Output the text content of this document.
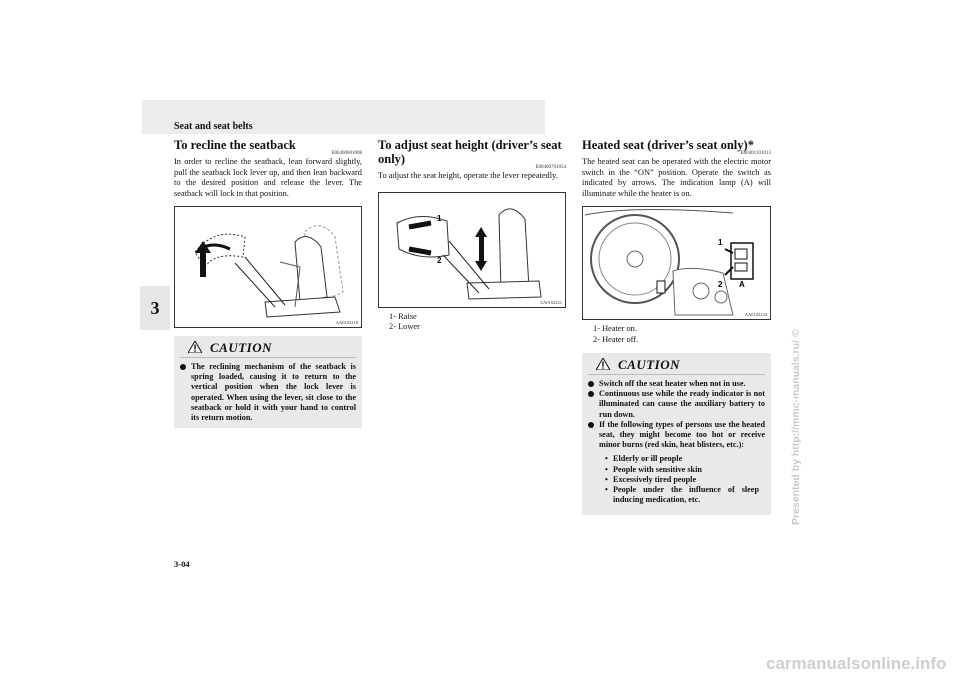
Seat and seat belts
3
To recline the seatback
E00400601008

In order to recline the seatback, lean forward slightly, pull the seatback lock lever up, and then lean backward to the desired position and release the lever. The seatback will lock in that position.

AA0102218
CAUTION
The reclining mechanism of the seatback is spring loaded, causing it to return to the vertical position when the lock lever is operated. When using the lever, sit close to the seatback or hold it with your hand to control its return motion.
To adjust seat height (driver’s seat only)
E00400701054

To adjust the seat height, operate the lever repeatedly.

1
2
AA0102221
1- Raise
2- Lower
Heated seat (driver’s seat only)*
E00401101013

The heated seat can be operated with the electric motor switch in the “ON” position. Operate the switch as indicated by arrows. The indication lamp (A) will illuminate while the heater is on.

1
2 A
AA0102234
1- Heater on.
2- Heater off.
CAUTION
Switch off the seat heater when not in use.
Continuous use while the ready indicator is not illuminated can cause the auxiliary battery to run down.
If the following types of persons use the heated seat, they might become too hot or receive minor burns (red skin, heat blisters, etc.):
• Elderly or ill people
• People with sensitive skin
• Excessively tired people
• People under the influence of sleep inducing medication, etc.
3-04
Presented by http://mmc-manuals.ru/ ©
carmanualsonline.info
